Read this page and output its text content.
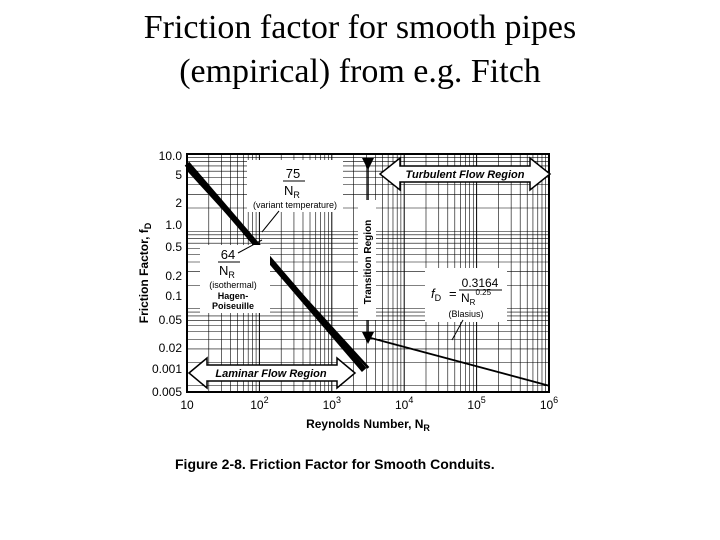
Friction factor for smooth pipes
(empirical) from e.g. Fitch
Turbulent Flow Region
Laminar Flow Region
Transition Region
75
$N_R$
(variant temperature)
64
$N_R$
(isothermal)
Hagen-
Poiseuille
$f_D$ =
0.3164
$N_R^{0.25}$
(Blasius)
Friction Factor, $f_D$
Reynolds Number, $N_R$
10	$10^2$	$10^3$	$10^4$	$10^5$	$10^6$
10.0
5
2
1.0
0.5
0.2
0.1
0.05
0.02
0.001
0.005
Figure 2-8. Friction Factor for Smooth Conduits.
